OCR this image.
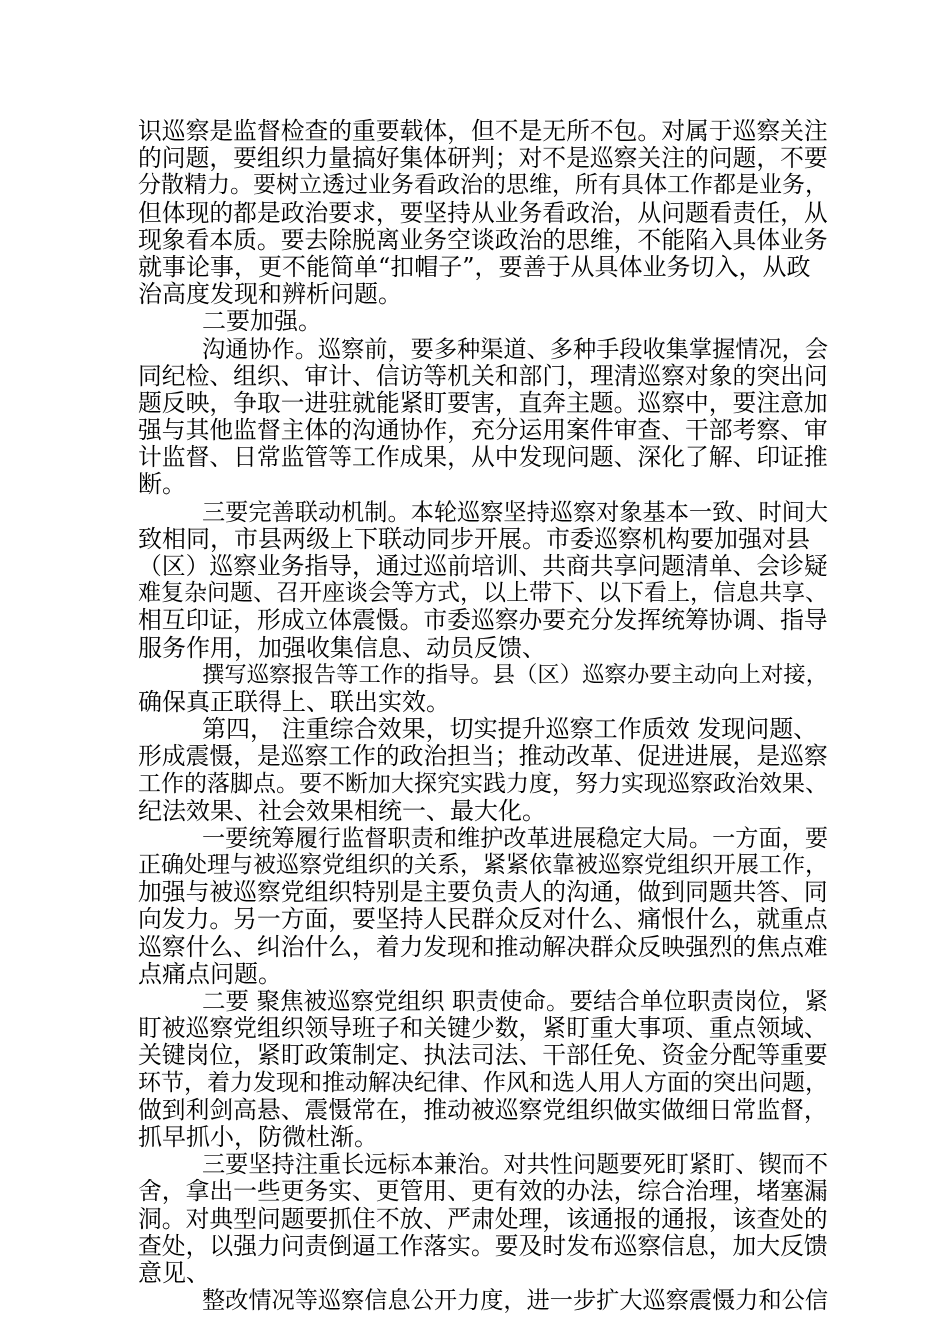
识巡察是监督检查的重要载体，但不是无所不包。对属于巡察关注
的问题，要组织力量搞好集体研判；对不是巡察关注的问题，不要
分散精力。要树立透过业务看政治的思维，所有具体工作都是业务，
但体现的都是政治要求，要坚持从业务看政治，从问题看责任，从
现象看本质。要去除脱离业务空谈政治的思维，不能陷入具体业务
就事论事，更不能简单“扣帽子”，要善于从具体业务切入，从政
治高度发现和辨析问题。
二要加强。
沟通协作。巡察前，要多种渠道、多种手段收集掌握情况，会
同纪检、组织、审计、信访等机关和部门，理清巡察对象的突出问
题反映，争取一进驻就能紧盯要害，直奔主题。巡察中，要注意加
强与其他监督主体的沟通协作，充分运用案件审查、干部考察、审
计监督、日常监管等工作成果，从中发现问题、深化了解、印证推
断。
三要完善联动机制。本轮巡察坚持巡察对象基本一致、时间大
致相同，市县两级上下联动同步开展。市委巡察机构要加强对县
（区）巡察业务指导，通过巡前培训、共商共享问题清单、会诊疑
难复杂问题、召开座谈会等方式，以上带下、以下看上，信息共享、
相互印证，形成立体震慑。市委巡察办要充分发挥统筹协调、指导
服务作用，加强收集信息、动员反馈、
撰写巡察报告等工作的指导。县（区）巡察办要主动向上对接，
确保真正联得上、联出实效。
第四， 注重综合效果，切实提升巡察工作质效 发现问题、
形成震慑，是巡察工作的政治担当；推动改革、促进进展，是巡察
工作的落脚点。要不断加大探究实践力度，努力实现巡察政治效果、
纪法效果、社会效果相统一、最大化。
一要统筹履行监督职责和维护改革进展稳定大局。一方面，要
正确处理与被巡察党组织的关系，紧紧依靠被巡察党组织开展工作，
加强与被巡察党组织特别是主要负责人的沟通，做到同题共答、同
向发力。另一方面，要坚持人民群众反对什么、痛恨什么，就重点
巡察什么、纠治什么，着力发现和推动解决群众反映强烈的焦点难
点痛点问题。
二要 聚焦被巡察党组织 职责使命。要结合单位职责岗位，紧
盯被巡察党组织领导班子和关键少数，紧盯重大事项、重点领域、
关键岗位，紧盯政策制定、执法司法、干部任免、资金分配等重要
环节，着力发现和推动解决纪律、作风和选人用人方面的突出问题，
做到利剑高悬、震慑常在，推动被巡察党组织做实做细日常监督，
抓早抓小，防微杜渐。
三要坚持注重长远标本兼治。对共性问题要死盯紧盯、锲而不
舍，拿出一些更务实、更管用、更有效的办法，综合治理，堵塞漏
洞。对典型问题要抓住不放、严肃处理，该通报的通报，该查处的
查处，以强力问责倒逼工作落实。要及时发布巡察信息，加大反馈
意见、
整改情况等巡察信息公开力度，进一步扩大巡察震慑力和公信
